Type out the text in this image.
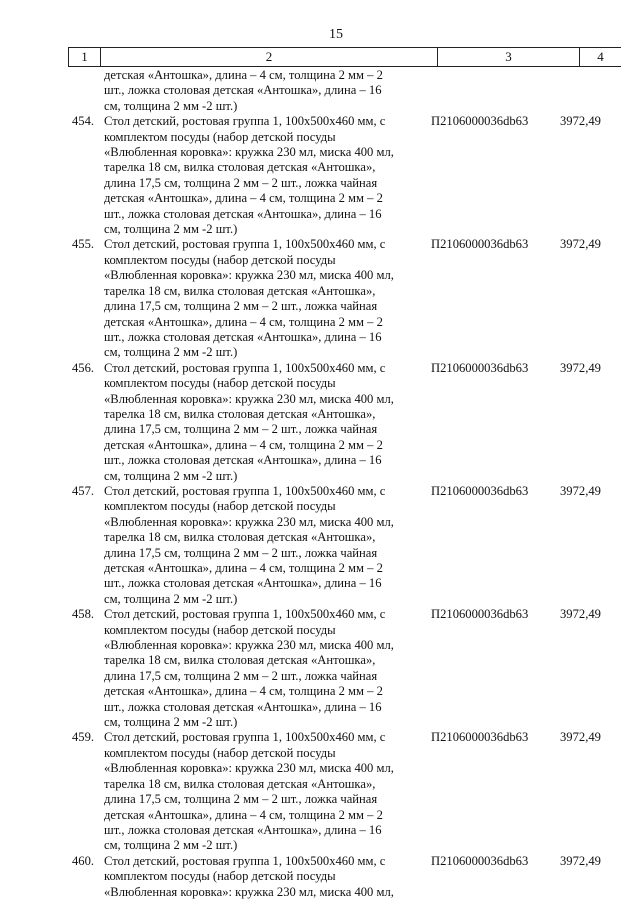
15
1	2	3	4
детская «Антошка», длина – 4 см, толщина 2 мм – 2
шт., ложка столовая детская «Антошка», длина – 16
см, толщина 2 мм -2 шт.)
454. Стол детский, ростовая группа 1, 100х500х460 мм, с
комплектом посуды (набор детской посуды
«Влюбленная коровка»: кружка 230 мл, миска 400 мл,
тарелка 18 см, вилка столовая детская «Антошка»,
длина 17,5 см, толщина 2 мм – 2 шт., ложка чайная
детская «Антошка», длина – 4 см, толщина 2 мм – 2
шт., ложка столовая детская «Антошка», длина – 16
см, толщина 2 мм -2 шт.)
П2106000036db63	3972,49
455. Стол детский, ростовая группа 1, 100х500х460 мм, с
комплектом посуды (набор детской посуды
«Влюбленная коровка»: кружка 230 мл, миска 400 мл,
тарелка 18 см, вилка столовая детская «Антошка»,
длина 17,5 см, толщина 2 мм – 2 шт., ложка чайная
детская «Антошка», длина – 4 см, толщина 2 мм – 2
шт., ложка столовая детская «Антошка», длина – 16
см, толщина 2 мм -2 шт.)
П2106000036db63	3972,49
456. Стол детский, ростовая группа 1, 100х500х460 мм, с
комплектом посуды (набор детской посуды
«Влюбленная коровка»: кружка 230 мл, миска 400 мл,
тарелка 18 см, вилка столовая детская «Антошка»,
длина 17,5 см, толщина 2 мм – 2 шт., ложка чайная
детская «Антошка», длина – 4 см, толщина 2 мм – 2
шт., ложка столовая детская «Антошка», длина – 16
см, толщина 2 мм -2 шт.)
П2106000036db63	3972,49
457. Стол детский, ростовая группа 1, 100х500х460 мм, с
комплектом посуды (набор детской посуды
«Влюбленная коровка»: кружка 230 мл, миска 400 мл,
тарелка 18 см, вилка столовая детская «Антошка»,
длина 17,5 см, толщина 2 мм – 2 шт., ложка чайная
детская «Антошка», длина – 4 см, толщина 2 мм – 2
шт., ложка столовая детская «Антошка», длина – 16
см, толщина 2 мм -2 шт.)
П2106000036db63	3972,49
458. Стол детский, ростовая группа 1, 100х500х460 мм, с
комплектом посуды (набор детской посуды
«Влюбленная коровка»: кружка 230 мл, миска 400 мл,
тарелка 18 см, вилка столовая детская «Антошка»,
длина 17,5 см, толщина 2 мм – 2 шт., ложка чайная
детская «Антошка», длина – 4 см, толщина 2 мм – 2
шт., ложка столовая детская «Антошка», длина – 16
см, толщина 2 мм -2 шт.)
П2106000036db63	3972,49
459. Стол детский, ростовая группа 1, 100х500х460 мм, с
комплектом посуды (набор детской посуды
«Влюбленная коровка»: кружка 230 мл, миска 400 мл,
тарелка 18 см, вилка столовая детская «Антошка»,
длина 17,5 см, толщина 2 мм – 2 шт., ложка чайная
детская «Антошка», длина – 4 см, толщина 2 мм – 2
шт., ложка столовая детская «Антошка», длина – 16
см, толщина 2 мм -2 шт.)
П2106000036db63	3972,49
460. Стол детский, ростовая группа 1, 100х500х460 мм, с
комплектом посуды (набор детской посуды
«Влюбленная коровка»: кружка 230 мл, миска 400 мл,
П2106000036db63	3972,49
